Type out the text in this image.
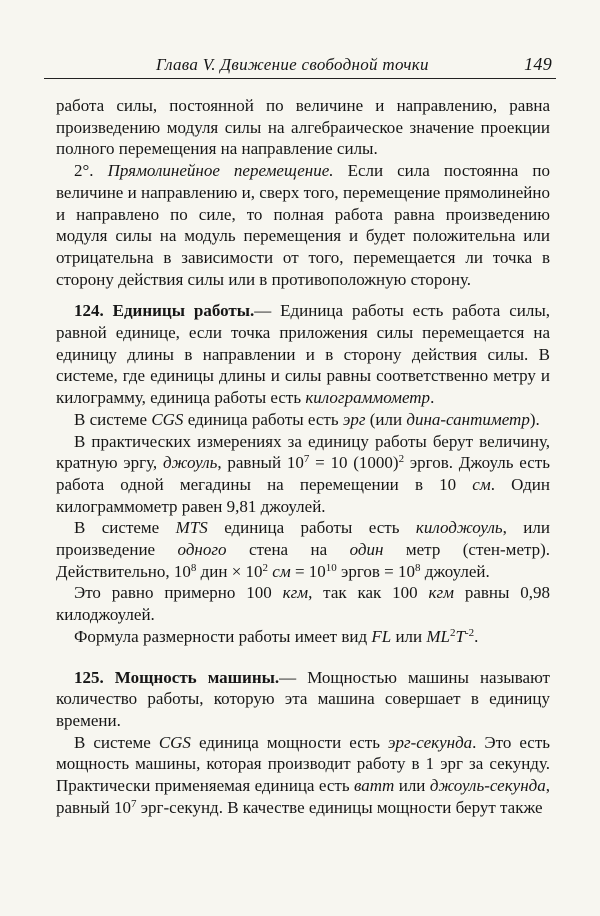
Глава V. Движение свободной точки	149

работа силы, постоянной по величине и направлению, равна произведению модуля силы на алгебраическое значение проекции полного перемещения на направление силы.

2°. Прямолинейное перемещение. Если сила постоянна по величине и направлению и, сверх того, перемещение прямолинейно и направлено по силе, то полная работа равна произведению модуля силы на модуль перемещения и будет положительна или отрицательна в зависимости от того, перемещается ли точка в сторону действия силы или в противоположную сторону.

124. Единицы работы.— Единица работы есть работа силы, равной единице, если точка приложения силы перемещается на единицу длины в направлении и в сторону действия силы. В системе, где единицы длины и силы равны соответственно метру и килограмму, единица работы есть килограммометр.

В системе CGS единица работы есть эрг (или дина-сантиметр).

В практических измерениях за единицу работы берут величину, кратную эргу, джоуль, равный $10^7 = 10$ $(1000)^2$ эргов. Джоуль есть работа одной мегадины на перемещении в 10 см. Один килограммометр равен 9,81 джоулей.

В системе MTS единица работы есть килоджоуль, или произведение одного стена на один метр (стен-метр). Действительно, $10^8$ дин × $10^2$ см = $10^{10}$ эргов = $10^8$ джоулей.

Это равно примерно 100 кгм, так как 100 кгм равны 0,98 килоджоулей.

Формула размерности работы имеет вид FL или $ML^2T^{-2}$.

125. Мощность машины.— Мощностью машины называют количество работы, которую эта машина совершает в единицу времени.

В системе CGS единица мощности есть эрг-секунда. Это есть мощность машины, которая производит работу в 1 эрг за секунду. Практически применяемая единица есть ватт или джоуль-секунда, равный $10^7$ эрг-секунд. В качестве единицы мощности берут также
